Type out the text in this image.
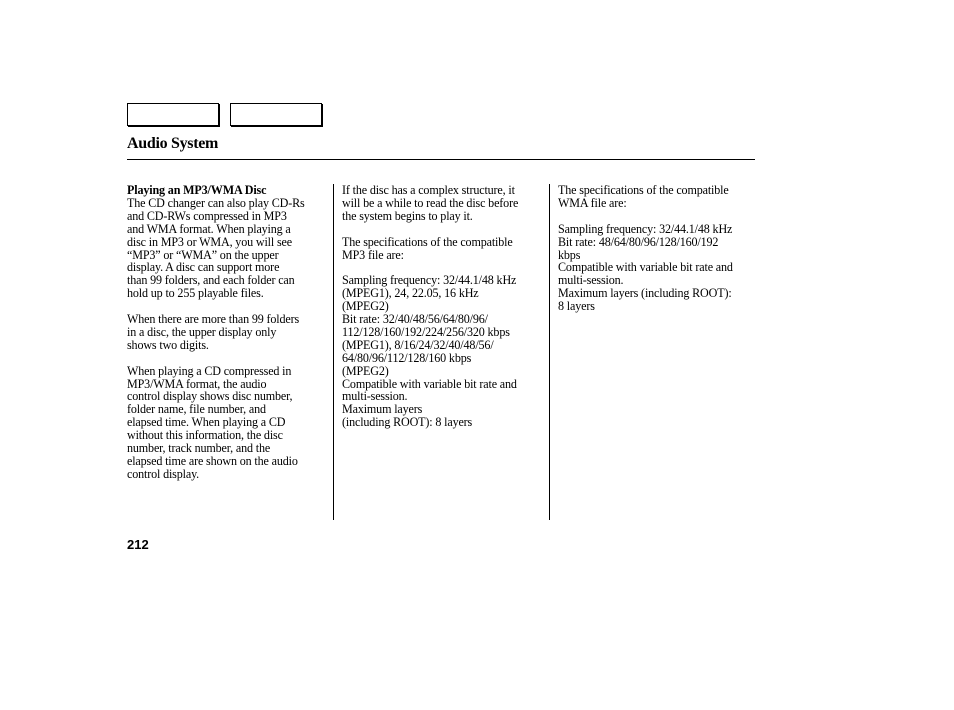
Audio System
Playing an MP3/WMA Disc

The CD changer can also play CD-Rs
and CD-RWs compressed in MP3
and WMA format. When playing a
disc in MP3 or WMA, you will see
“MP3” or “WMA” on the upper
display. A disc can support more
than 99 folders, and each folder can
hold up to 255 playable files.

When there are more than 99 folders
in a disc, the upper display only
shows two digits.

When playing a CD compressed in
MP3/WMA format, the audio
control display shows disc number,
folder name, file number, and
elapsed time. When playing a CD
without this information, the disc
number, track number, and the
elapsed time are shown on the audio
control display.

If the disc has a complex structure, it
will be a while to read the disc before
the system begins to play it.

The specifications of the compatible
MP3 file are:

Sampling frequency: 32/44.1/48 kHz
(MPEG1), 24, 22.05, 16 kHz
(MPEG2)
Bit rate: 32/40/48/56/64/80/96/
112/128/160/192/224/256/320 kbps
(MPEG1), 8/16/24/32/40/48/56/
64/80/96/112/128/160 kbps
(MPEG2)
Compatible with variable bit rate and
multi-session.
Maximum layers
(including ROOT): 8 layers

The specifications of the compatible
WMA file are:

Sampling frequency: 32/44.1/48 kHz
Bit rate: 48/64/80/96/128/160/192
kbps
Compatible with variable bit rate and
multi-session.
Maximum layers (including ROOT):
8 layers

212
